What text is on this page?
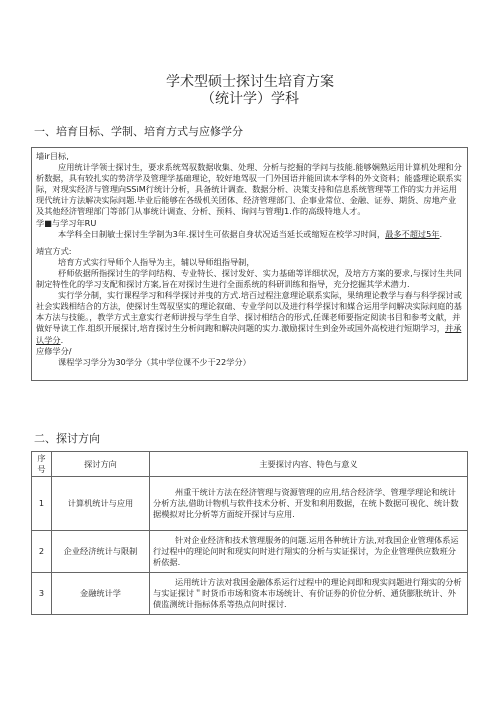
学术型硕士探讨生培育方案
（统计学）学科
一、培育目标、学制、培育方式与应修学分

墙ir目标,

应用统计学领士探讨生，要求系统驾驭数据收集、处理、分析与挖掘的学问与技能.能够娴熟运用计算机处理和分析数据，具有较扎实的势济学及管理学基础理论，较好地驾驭一门外国语并能回读本学科的外文资料；能盛理论联系实际，对现实经济与管理向SSiM行统计分析，具备统计调查、数据分析、决策支持和信息系统管理等工作的实力并运用现代统计方法解决实际问题.毕业后能够在各级机关团体、经济管理部门、企事业常位、金融、证券、期货、房地产业及其他经济管理部门等部门从事统计调查、分析、预料、询问与管理J1.作的高级特地人才。

学■与学习年RU

本学科全日制敏士探讨生学制为3年.探讨生可依据自身状况适当延长或缩短在校学习时间，最多不超过5年.

靖宜方式:

培育方式实行导师个人指导为主，辅以导师组指导制，

杼师依据所指探讨生的学问结构、专业特长、探讨发好、实力基础等详细状况，及培方方案的要求,与探讨生共同制定特性化的学习支配和探讨方案,旨在对探讨生进行全面系统的科研训练和指导，充分挖掘其学术潜力.

实行学分制，实行课程学习和科学探讨并曳的方式.培百过程注意理论联系实际，果纳理论教学与春与科学探讨或社会实践相结合的方法，使探讨生驾驭坚实的理论叙础、专业学问以及进行科学探讨和媒合运用学问解决实际问庭的基本方法与技能。，教学方式主意实行老师讲授与学生自学、探讨相结合的形式,任课老师要指定阅读书目和参考文献，并做好导读工作.组织开展探讨,培育探讨生分析问跑和解决问题的实力.激励探讨生到金外或国外高校进行短期学习，并承认学分.

应修学分/

课程学习学分为30学分（其中学位课不少于22学分）

二、探讨方向
序号	探讨方向	主要探讨内容、特色与意义
1	计算机统计与应用	州重干统计方法在经济管理与资源管理的应用,结合经济学、管理学理论和统计分析方法,借助计物机与软件技术分析、开发和利用数据，在统卜数据可视化、统计数据模拟对比分析等方面绽开探讨与应用.

2	企业经济统计与限制	针对企业经济和技术管理服务的问题.运用各种统计方法,对我国企业管理体系运行过程中的理论问时和现实问时进行翔实的分析与实证探讨，为企业管理供应数班分析依据.

3	金融统计学	运用统计方法对我国金融体系运行过程中的理论问即和现实问题进行翔实的分析与实证探讨＂时货币市场和资本市场统计、有价证券的价位分析、通货膨胀统计、外债监测统计指标体系等热点问时探讨.
